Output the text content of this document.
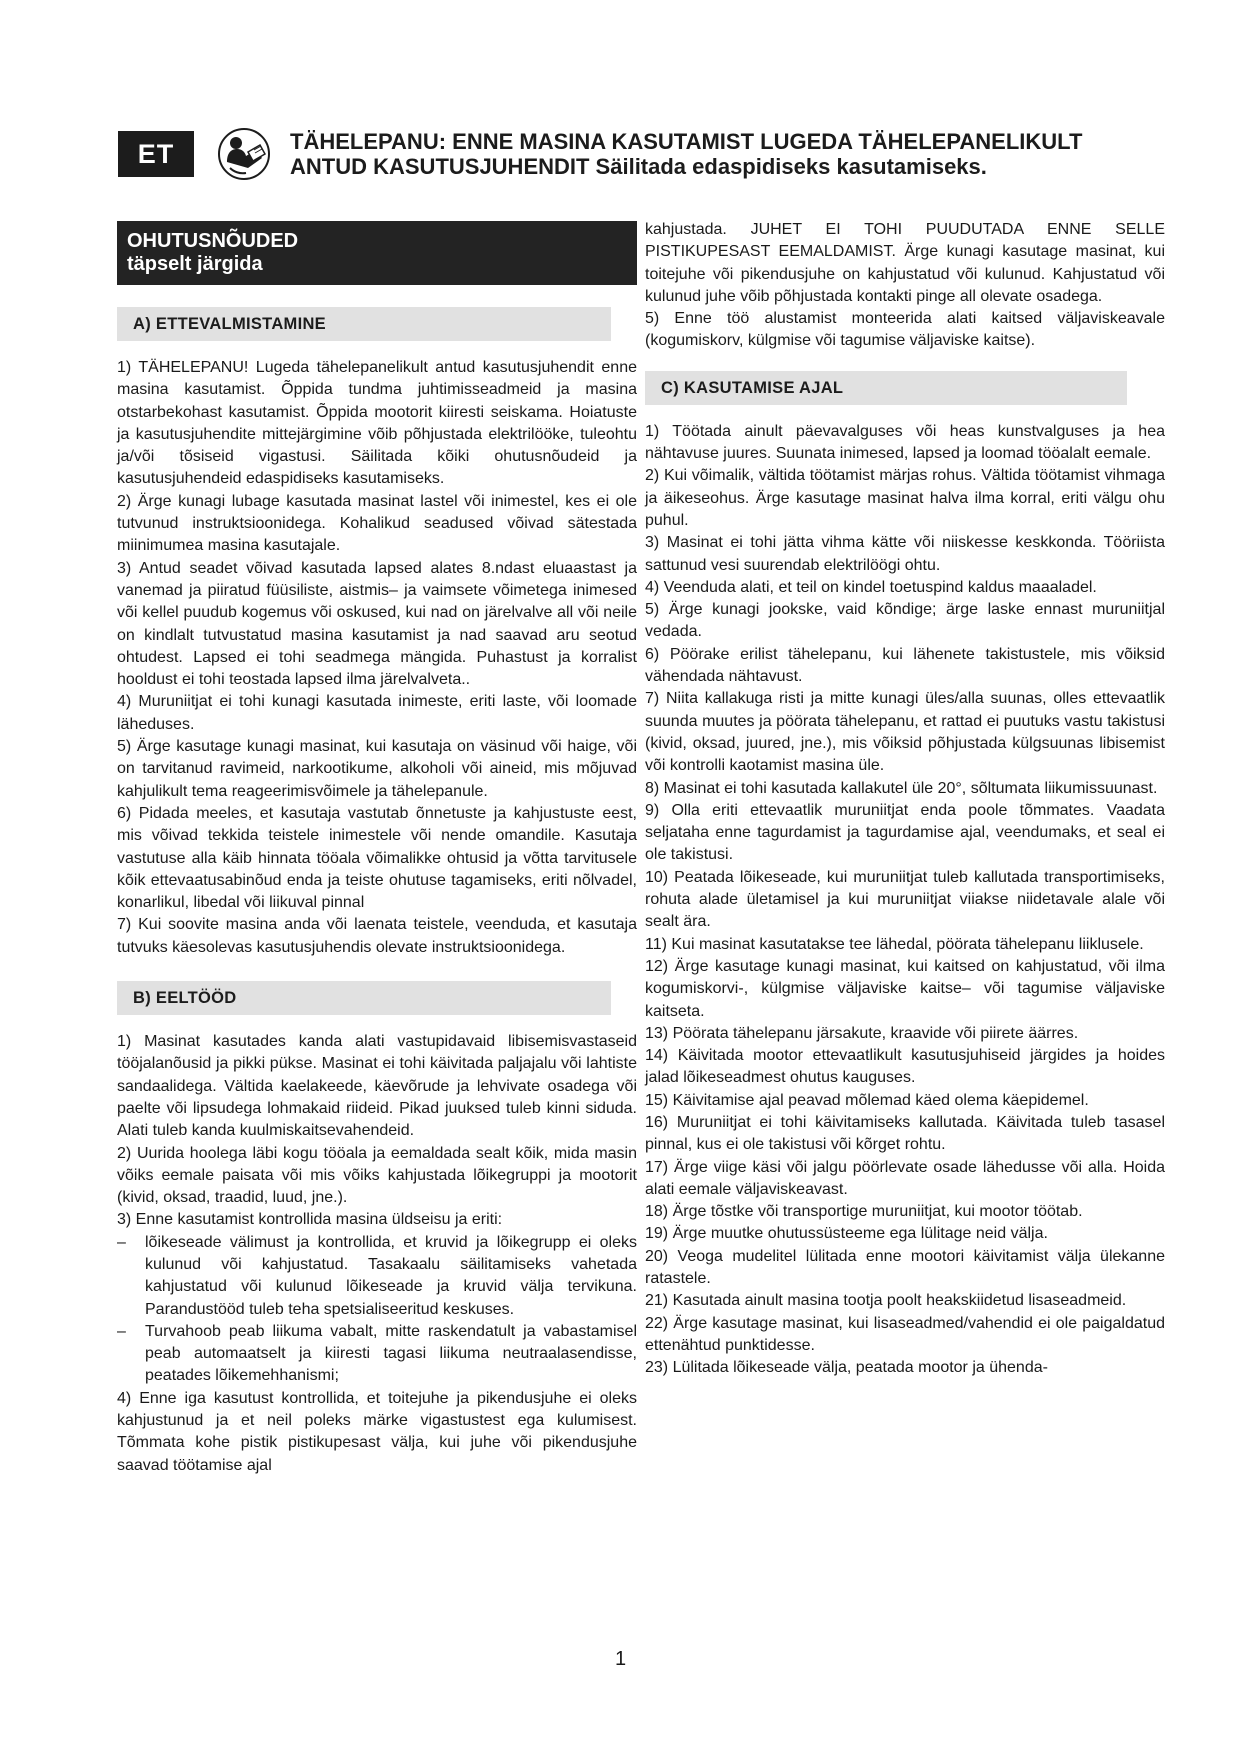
ET	TÄHELEPANU: ENNE MASINA KASUTAMIST LUGEDA TÄHELEPANELIKULT
ANTUD KASUTUSJUHENDIT Säilitada edaspidiseks kasutamiseks.
OHUTUSNÕUDED
täpselt järgida
A) ETTEVALMISTAMINE

1) TÄHELEPANU! Lugeda tähelepanelikult antud kasutusjuhendit enne masina kasutamist. Õppida tundma juhtimisseadmeid ja masina otstarbekohast kasutamist. Õppida mootorit kiiresti seiskama. Hoiatuste ja kasutusjuhendite mittejärgimine võib põhjustada elektrilööke, tuleohtu ja/või tõsiseid vigastusi. Säilitada kõiki ohutusnõudeid ja kasutusjuhendeid edaspidiseks kasutamiseks.

2) Ärge kunagi lubage kasutada masinat lastel või inimestel, kes ei ole tutvunud instruktsioonidega. Kohalikud seadused võivad sätestada miinimumea masina kasutajale.

3) Antud seadet võivad kasutada lapsed alates 8.ndast eluaastast ja vanemad ja piiratud füüsiliste, aistmis– ja vaimsete võimetega inimesed või kellel puudub kogemus või oskused, kui nad on järelvalve all või neile on kindlalt tutvustatud masina kasutamist ja nad saavad aru seotud ohtudest. Lapsed ei tohi seadmega mängida. Puhastust ja korralist hooldust ei tohi teostada lapsed ilma järelvalveta..

4) Muruniitjat ei tohi kunagi kasutada inimeste, eriti laste, või loomade läheduses.

5) Ärge kasutage kunagi masinat, kui kasutaja on väsinud või haige, või on tarvitanud ravimeid, narkootikume, alkoholi või aineid, mis mõjuvad kahjulikult tema reageerimisvõimele ja tähelepanule.

6) Pidada meeles, et kasutaja vastutab õnnetuste ja kahjustuste eest, mis võivad tekkida teistele inimestele või nende omandile. Kasutaja vastutuse alla käib hinnata tööala võimalikke ohtusid ja võtta tarvitusele kõik ettevaatusabinõud enda ja teiste ohutuse tagamiseks, eriti nõlvadel, konarlikul, libedal või liikuval pinnal

7) Kui soovite masina anda või laenata teistele, veenduda, et kasutaja tutvuks käesolevas kasutusjuhendis olevate instruktsioonidega.

B) EELTÖÖD

1) Masinat kasutades kanda alati vastupidavaid libisemisvastaseid tööjalanõusid ja pikki pükse. Masinat ei tohi käivitada paljajalu või lahtiste sandaalidega. Vältida kaelakeede, käevõrude ja lehvivate osadega või paelte või lipsudega lohmakaid riideid. Pikad juuksed tuleb kinni siduda. Alati tuleb kanda kuulmiskaitsevahendeid.

2) Uurida hoolega läbi kogu tööala ja eemaldada sealt kõik, mida masin võiks eemale paisata või mis võiks kahjustada lõikegruppi ja mootorit (kivid, oksad, traadid, luud, jne.).

3) Enne kasutamist kontrollida masina üldseisu ja eriti:

–	lõikeseade välimust ja kontrollida, et kruvid ja lõikegrupp ei oleks kulunud või kahjustatud. Tasakaalu säilitamiseks vahetada kahjustatud või kulunud lõikeseade ja kruvid välja tervikuna. Parandustööd tuleb teha spetsialiseeritud keskuses.
–	Turvahoob peab liikuma vabalt, mitte raskendatult ja vabastamisel peab automaatselt ja kiiresti tagasi liikuma neutraalasendisse, peatades lõikemehhanismi;

4) Enne iga kasutust kontrollida, et toitejuhe ja pikendusjuhe ei oleks kahjustunud ja et neil poleks märke vigastustest ega kulumisest. Tõmmata kohe pistik pistikupesast välja, kui juhe või pikendusjuhe saavad töötamise ajal

kahjustada. JUHET EI TOHI PUUDUTADA ENNE SELLE PISTIKUPESAST EEMALDAMIST. Ärge kunagi kasutage masinat, kui toitejuhe või pikendusjuhe on kahjustatud või kulunud. Kahjustatud või kulunud juhe võib põhjustada kontakti pinge all olevate osadega.

5) Enne töö alustamist monteerida alati kaitsed väljaviskeavale (kogumiskorv, külgmise või tagumise väljaviske kaitse).

C) KASUTAMISE AJAL

1) Töötada ainult päevavalguses või heas kunstvalguses ja hea nähtavuse juures. Suunata inimesed, lapsed ja loomad tööalalt eemale.

2) Kui võimalik, vältida töötamist märjas rohus. Vältida töötamist vihmaga ja äikeseohus. Ärge kasutage masinat halva ilma korral, eriti välgu ohu puhul.

3) Masinat ei tohi jätta vihma kätte või niiskesse keskkonda. Tööriista sattunud vesi suurendab elektrilöögi ohtu.

4) Veenduda alati, et teil on kindel toetuspind kaldus maaaladel.

5) Ärge kunagi jookske, vaid kõndige; ärge laske ennast muruniitjal vedada.

6) Pöörake erilist tähelepanu, kui lähenete takistustele, mis võiksid vähendada nähtavust.

7) Niita kallakuga risti ja mitte kunagi üles/alla suunas, olles ettevaatlik suunda muutes ja pöörata tähelepanu, et rattad ei puutuks vastu takistusi (kivid, oksad, juured, jne.), mis võiksid põhjustada külgsuunas libisemist või kontrolli kaotamist masina üle.

8) Masinat ei tohi kasutada kallakutel üle 20°, sõltumata liikumissuunast.

9) Olla eriti ettevaatlik muruniitjat enda poole tõmmates. Vaadata seljataha enne tagurdamist ja tagurdamise ajal, veendumaks, et seal ei ole takistusi.

10) Peatada lõikeseade, kui muruniitjat tuleb kallutada transportimiseks, rohuta alade ületamisel ja kui muruniitjat viiakse niidetavale alale või sealt ära.

11) Kui masinat kasutatakse tee lähedal, pöörata tähelepanu liiklusele.

12) Ärge kasutage kunagi masinat, kui kaitsed on kahjustatud, või ilma kogumiskorvi-, külgmise väljaviske kaitse– või tagumise väljaviske kaitseta.

13) Pöörata tähelepanu järsakute, kraavide või piirete äärres.

14) Käivitada mootor ettevaatlikult kasutusjuhiseid järgides ja hoides jalad lõikeseadmest ohutus kauguses.

15) Käivitamise ajal peavad mõlemad käed olema käepidemel.

16) Muruniitjat ei tohi käivitamiseks kallutada. Käivitada tuleb tasasel pinnal, kus ei ole takistusi või kõrget rohtu.

17) Ärge viige käsi või jalgu pöörlevate osade lähedusse või alla. Hoida alati eemale väljaviskeavast.

18) Ärge tõstke või transportige muruniitjat, kui mootor töötab.

19) Ärge muutke ohutussüsteeme ega lülitage neid välja.

20) Veoga mudelitel lülitada enne mootori käivitamist välja ülekanne ratastele.

21) Kasutada ainult masina tootja poolt heakskiidetud lisaseadmeid.

22) Ärge kasutage masinat, kui lisaseadmed/vahendid ei ole paigaldatud ettenähtud punktidesse.

23) Lülitada lõikeseade välja, peatada mootor ja ühenda-

1
